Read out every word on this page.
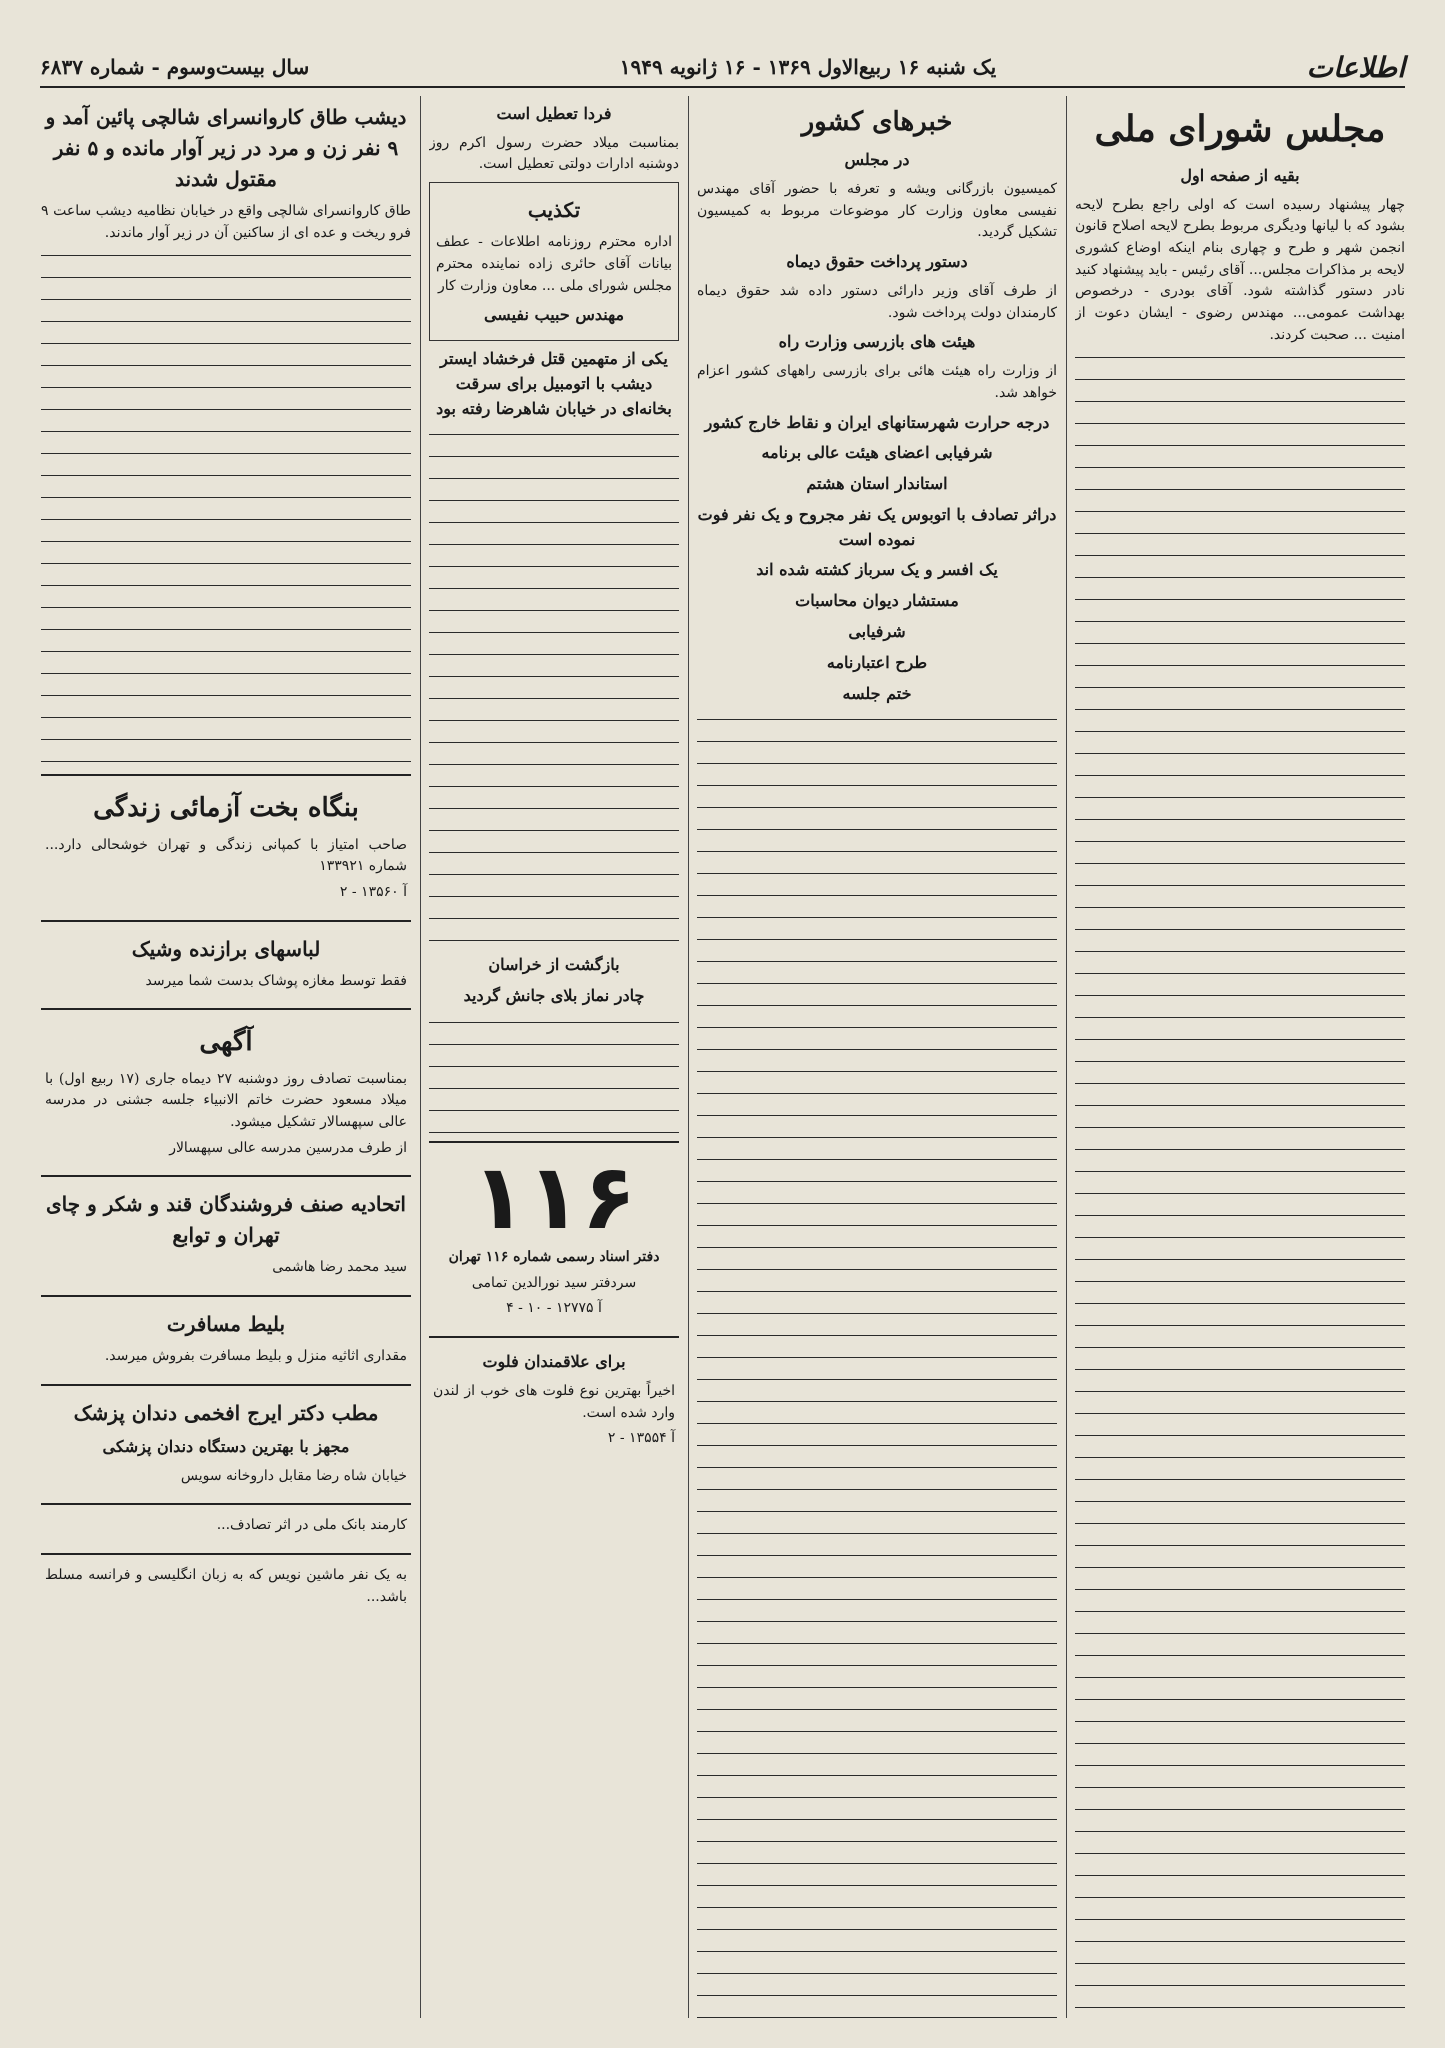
اطلاعات
یک شنبه ۱۶ ربیع‌الاول ۱۳۶۹ - ۱۶ ژانویه ۱۹۴۹
سال بیست‌وسوم - شماره ۶۸۳۷
مجلس شورای ملی
بقیه از صفحه اول

چهار پیشنهاد رسیده است که اولی راجع بطرح لایحه بشود که با لیانها ودیگری مربوط بطرح لایحه اصلاح قانون انجمن شهر و طرح و چهاری بنام اینکه اوضاع کشوری لایحه بر مذاکرات مجلس... آقای رئیس - باید پیشنهاد کنید نادر دستور گذاشته شود. آقای بودری - درخصوص بهداشت عمومی... مهندس رضوی - ایشان دعوت از امنیت ... صحبت کردند.

خبرهای کشور
در مجلس

کمیسیون بازرگانی ویشه و تعرفه با حضور آقای مهندس نفیسی معاون وزارت کار موضوعات مربوط به کمیسیون تشکیل گردید.

دستور پرداخت حقوق دیماه

از طرف آقای وزیر دارائی دستور داده شد حقوق دیماه کارمندان دولت پرداخت شود.

هیئت های بازرسی وزارت راه

از وزارت راه هیئت هائی برای بازرسی راههای کشور اعزام خواهد شد.

درجه حرارت شهرستانهای ایران و نقاط خارج کشور
شرفیابی اعضای هیئت عالی برنامه
استاندار استان هشتم
دراثر تصادف با اتوبوس یک نفر مجروح و یک نفر فوت نموده است
یک افسر و یک سرباز کشته شده اند
مستشار دیوان محاسبات
شرفیابی
طرح اعتبارنامه
ختم جلسه
فردا تعطیل است

بمناسبت میلاد حضرت رسول اکرم روز دوشنبه ادارات دولتی تعطیل است.

تکذیب

اداره محترم روزنامه اطلاعات - عطف بیانات آقای حائری زاده نماینده محترم مجلس شورای ملی ... معاون وزارت کار

مهندس حبیب نفیسی
یکی از متهمین قتل فرخشاد ایستر دیشب با اتومبیل برای سرقت بخانه‌ای در خیابان شاهرضا رفته بود
بازگشت از خراسان
چادر نماز بلای جانش گردید
۱۱۶

دفتر اسناد رسمی شماره ۱۱۶ تهران

سردفتر سید نورالدین تمامی

آ ۱۲۷۷۵ - ۱۰ - ۴

برای علاقمندان فلوت

اخیراً بهترین نوع فلوت های خوب از لندن وارد شده است.

آ ۱۳۵۵۴ - ۲

دیشب طاق کاروانسرای شالچی پائین آمد و ۹ نفر زن و مرد در زیر آوار مانده و ۵ نفر مقتول شدند

طاق کاروانسرای شالچی واقع در خیابان نظامیه دیشب ساعت ۹ فرو ریخت و عده ای از ساکنین آن در زیر آوار ماندند.

بنگاه بخت آزمائی زندگی

صاحب امتیاز با کمپانی زندگی و تهران خوشحالی دارد... شماره ۱۳۳۹۲۱

آ ۱۳۵۶۰ - ۲

لباسهای برازنده وشیک

فقط توسط مغازه پوشاک بدست شما میرسد

آگهی

بمناسبت تصادف روز دوشنبه ۲۷ دیماه جاری (۱۷ ربیع اول) با میلاد مسعود حضرت خاتم الانبیاء جلسه جشنی در مدرسه عالی سپهسالار تشکیل میشود.

از طرف مدرسین مدرسه عالی سپهسالار

اتحادیه صنف فروشندگان قند و شکر و چای تهران و توابع

سید محمد رضا هاشمی

بلیط مسافرت

مقداری اثاثیه منزل و بلیط مسافرت بفروش میرسد.

مطب دکتر ایرج افخمی دندان پزشک
مجهز با بهترین دستگاه دندان پزشکی

خیابان شاه رضا مقابل داروخانه سویس

کارمند بانک ملی در اثر تصادف...

به یک نفر ماشین نویس که به زبان انگلیسی و فرانسه مسلط باشد...
